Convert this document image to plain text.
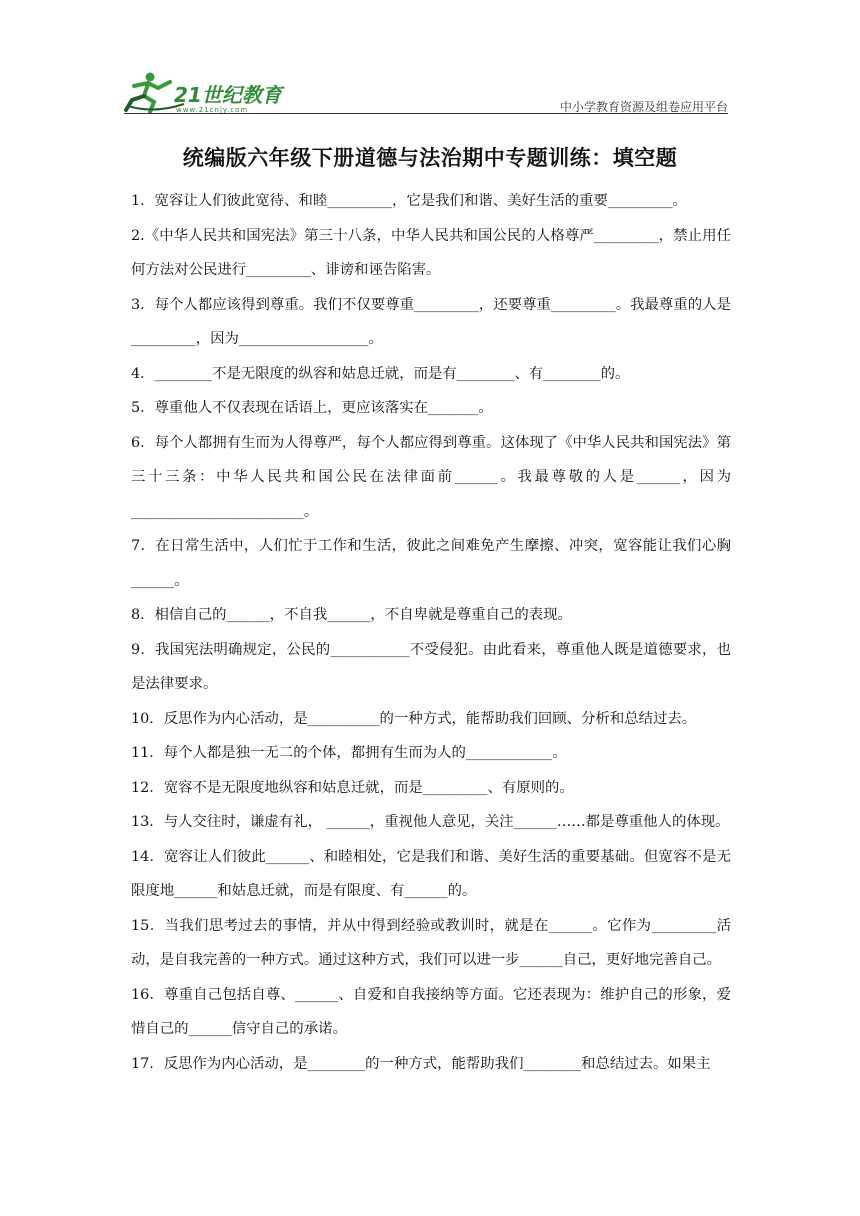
21世纪教育
www.21cnjy.com	中小学教育资源及组卷应用平台
统编版六年级下册道德与法治期中专题训练：填空题

1．宽容让人们彼此宽待、和睦_________，它是我们和谐、美好生活的重要_________。

2.《中华人民共和国宪法》第三十八条，中华人民共和国公民的人格尊严_________，禁止用任何方法对公民进行_________、诽谤和诬告陷害。

3．每个人都应该得到尊重。我们不仅要尊重_________，还要尊重_________。我最尊重的人是_________，因为__________________。

4．________不是无限度的纵容和姑息迁就，而是有________、有________的。

5．尊重他人不仅表现在话语上，更应该落实在_______。

6．每个人都拥有生而为人得尊严，每个人都应得到尊重。这体现了《中华人民共和国宪法》第三十三条：中华人民共和国公民在法律面前______。我最尊敬的人是______，因为________________________。

7．在日常生活中，人们忙于工作和生活，彼此之间难免产生摩擦、冲突，宽容能让我们心胸______。

8．相信自己的______，不自我______，不自卑就是尊重自己的表现。

9．我国宪法明确规定，公民的___________不受侵犯。由此看来，尊重他人既是道德要求，也是法律要求。

10．反思作为内心活动，是__________的一种方式，能帮助我们回顾、分析和总结过去。

11．每个人都是独一无二的个体，都拥有生而为人的____________。

12．宽容不是无限度地纵容和姑息迁就，而是_________、有原则的。

13．与人交往时，谦虚有礼， ______，重视他人意见，关注______……都是尊重他人的体现。

14．宽容让人们彼此______、和睦相处，它是我们和谐、美好生活的重要基础。但宽容不是无限度地______和姑息迁就，而是有限度、有______的。

15．当我们思考过去的事情，并从中得到经验或教训时，就是在______。它作为_________活动，是自我完善的一种方式。通过这种方式，我们可以进一步______自己，更好地完善自己。

16．尊重自己包括自尊、______、自爱和自我接纳等方面。它还表现为：维护自己的形象，爱惜自己的______信守自己的承诺。

17．反思作为内心活动，是________的一种方式，能帮助我们________和总结过去。如果主
